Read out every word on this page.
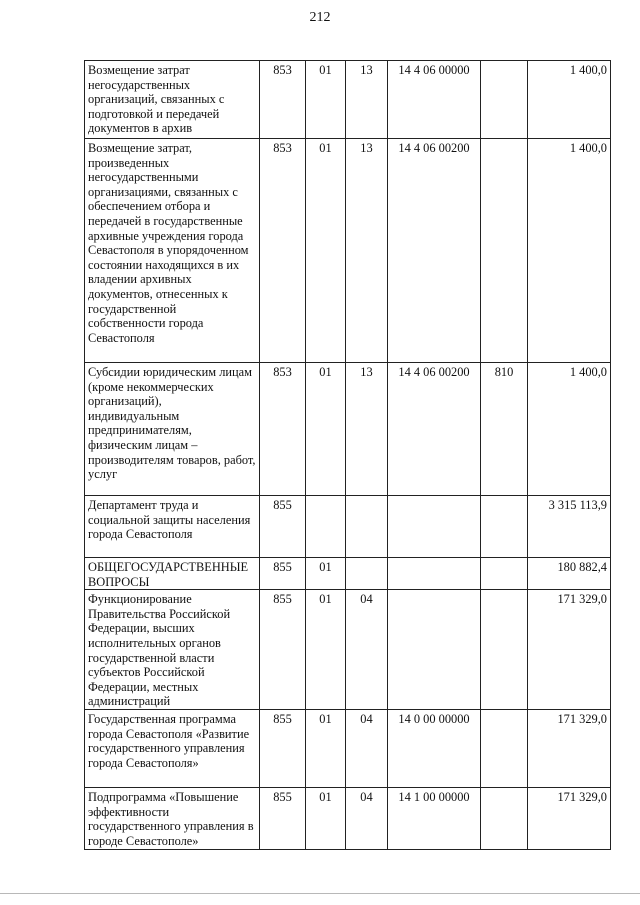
212
Возмещение затрат негосударственных организаций, связанных с подготовкой и передачей документов в архив	853	01	13	14 4 06 00000		1 400,0
Возмещение затрат, произведенных негосударственными организациями, связанных с обеспечением отбора и передачей в государственные архивные учреждения города Севастополя в упорядоченном состоянии находящихся в их владении архивных документов, отнесенных к государственной собственности города Севастополя	853	01	13	14 4 06 00200		1 400,0
Субсидии юридическим лицам (кроме некоммерческих организаций), индивидуальным предпринимателям, физическим лицам – производителям товаров, работ, услуг	853	01	13	14 4 06 00200	810	1 400,0
Департамент труда и социальной защиты населения города Севастополя	855					3 315 113,9
ОБЩЕГОСУДАРСТВЕННЫЕ ВОПРОСЫ	855	01				180 882,4
Функционирование Правительства Российской Федерации, высших исполнительных органов государственной власти субъектов Российской Федерации, местных администраций	855	01	04			171 329,0
Государственная программа города Севастополя «Развитие государственного управления города Севастополя»	855	01	04	14 0 00 00000		171 329,0
Подпрограмма «Повышение эффективности государственного управления в городе Севастополе»	855	01	04	14 1 00 00000		171 329,0
